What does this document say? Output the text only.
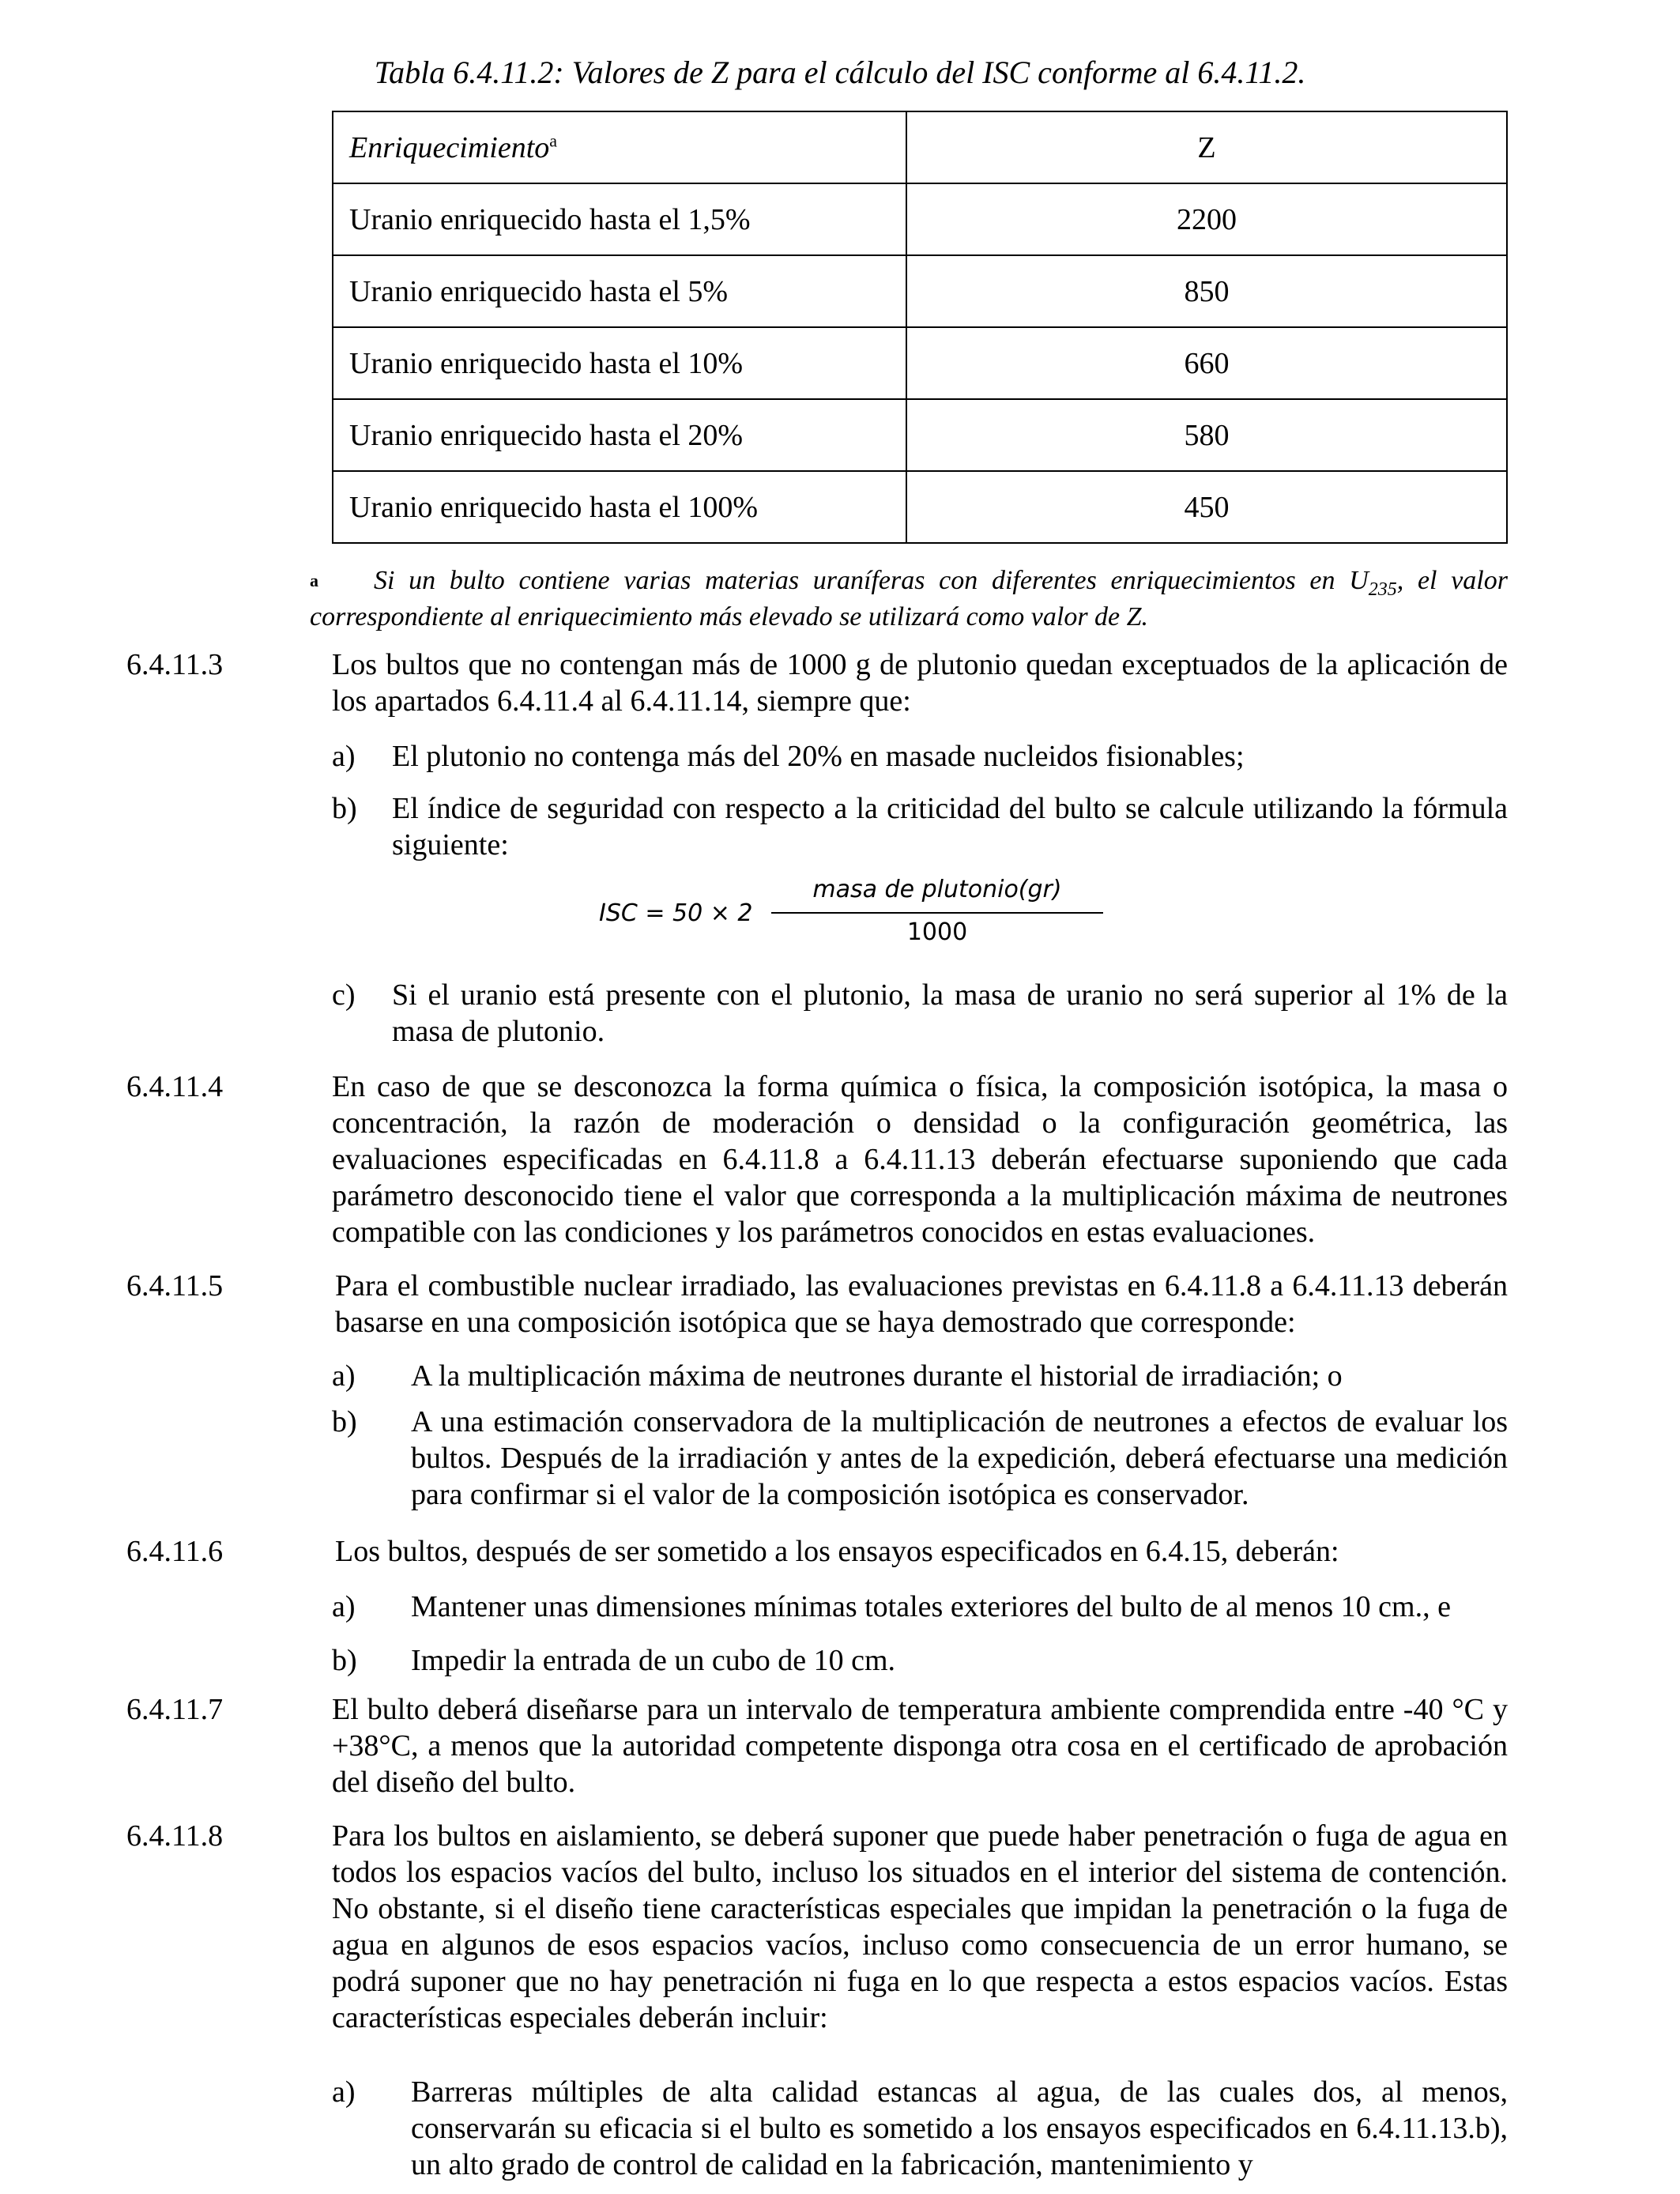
Tabla 6.4.11.2: Valores de Z para el cálculo del ISC conforme al 6.4.11.2.
Enriquecimiento$^a$	Z
Uranio enriquecido hasta el 1,5%	2200
Uranio enriquecido hasta el 5%	850
Uranio enriquecido hasta el 10%	660
Uranio enriquecido hasta el 20%	580
Uranio enriquecido hasta el 100%	450
$^a$ Si un bulto contiene varias materias uraníferas con diferentes enriquecimientos en $U_{235}$, el valor correspondiente al enriquecimiento más elevado se utilizará como valor de Z.
6.4.11.3	Los bultos que no contengan más de 1000 g de plutonio quedan exceptuados de la aplicación de los apartados 6.4.11.4 al 6.4.11.14, siempre que:
a) El plutonio no contenga más del 20% en masade nucleidos fisionables;
b) El índice de seguridad con respecto a la criticidad del bulto se calcule utilizando la fórmula siguiente:
ISC = 50 × 2
masa de plutonio(gr)
1000
c) Si el uranio está presente con el plutonio, la masa de uranio no será superior al 1% de la masa de plutonio.
6.4.11.4	En caso de que se desconozca la forma química o física, la composición isotópica, la masa o concentración, la razón de moderación o densidad o la configuración geométrica, las evaluaciones especificadas en 6.4.11.8 a 6.4.11.13 deberán efectuarse suponiendo que cada parámetro desconocido tiene el valor que corresponda a la multiplicación máxima de neutrones compatible con las condiciones y los parámetros conocidos en estas evaluaciones.
6.4.11.5	Para el combustible nuclear irradiado, las evaluaciones previstas en 6.4.11.8 a 6.4.11.13 deberán basarse en una composición isotópica que se haya demostrado que corresponde:
a) A la multiplicación máxima de neutrones durante el historial de irradiación; o
b) A una estimación conservadora de la multiplicación de neutrones a efectos de evaluar los bultos. Después de la irradiación y antes de la expedición, deberá efectuarse una medición para confirmar si el valor de la composición isotópica es conservador.
6.4.11.6	Los bultos, después de ser sometido a los ensayos especificados en 6.4.15, deberán:
a) Mantener unas dimensiones mínimas totales exteriores del bulto de al menos 10 cm., e
b) Impedir la entrada de un cubo de 10 cm.
6.4.11.7	El bulto deberá diseñarse para un intervalo de temperatura ambiente comprendida entre -40 °C y +38°C, a menos que la autoridad competente disponga otra cosa en el certificado de aprobación del diseño del bulto.
6.4.11.8	Para los bultos en aislamiento, se deberá suponer que puede haber penetración o fuga de agua en todos los espacios vacíos del bulto, incluso los situados en el interior del sistema de contención. No obstante, si el diseño tiene características especiales que impidan la penetración o la fuga de agua en algunos de esos espacios vacíos, incluso como consecuencia de un error humano, se podrá suponer que no hay penetración ni fuga en lo que respecta a estos espacios vacíos. Estas características especiales deberán incluir:
a) Barreras múltiples de alta calidad estancas al agua, de las cuales dos, al menos, conservarán su eficacia si el bulto es sometido a los ensayos especificados en 6.4.11.13.b), un alto grado de control de calidad en la fabricación, mantenimiento y
